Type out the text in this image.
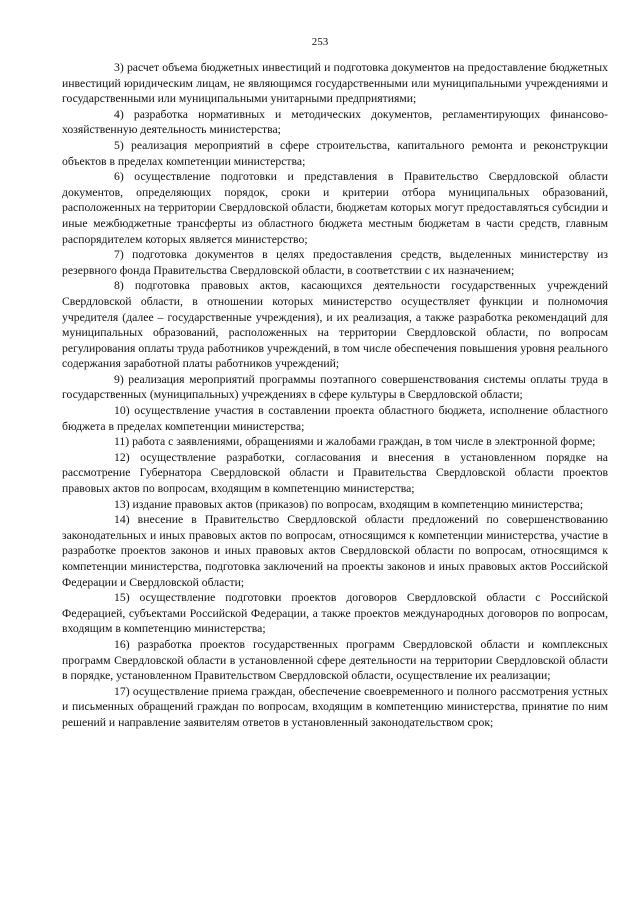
253

3) расчет объема бюджетных инвестиций и подготовка документов на предоставление бюджетных инвестиций юридическим лицам, не являющимся государственными или муниципальными учреждениями и государственными или муниципальными унитарными предприятиями;

4) разработка нормативных и методических документов, регламентирующих финансово-хозяйственную деятельность министерства;

5) реализация мероприятий в сфере строительства, капитального ремонта и реконструкции объектов в пределах компетенции министерства;

6) осуществление подготовки и представления в Правительство Свердловской области документов, определяющих порядок, сроки и критерии отбора муниципальных образований, расположенных на территории Свердловской области, бюджетам которых могут предоставляться субсидии и иные межбюджетные трансферты из областного бюджета местным бюджетам в части средств, главным распорядителем которых является министерство;

7) подготовка документов в целях предоставления средств, выделенных министерству из резервного фонда Правительства Свердловской области, в соответствии с их назначением;

8) подготовка правовых актов, касающихся деятельности государственных учреждений Свердловской области, в отношении которых министерство осуществляет функции и полномочия учредителя (далее – государственные учреждения), и их реализация, а также разработка рекомендаций для муниципальных образований, расположенных на территории Свердловской области, по вопросам регулирования оплаты труда работников учреждений, в том числе обеспечения повышения уровня реального содержания заработной платы работников учреждений;

9) реализация мероприятий программы поэтапного совершенствования системы оплаты труда в государственных (муниципальных) учреждениях в сфере культуры в Свердловской области;

10) осуществление участия в составлении проекта областного бюджета, исполнение областного бюджета в пределах компетенции министерства;

11) работа с заявлениями, обращениями и жалобами граждан, в том числе в электронной форме;

12) осуществление разработки, согласования и внесения в установленном порядке на рассмотрение Губернатора Свердловской области и Правительства Свердловской области проектов правовых актов по вопросам, входящим в компетенцию министерства;

13) издание правовых актов (приказов) по вопросам, входящим в компетенцию министерства;

14) внесение в Правительство Свердловской области предложений по совершенствованию законодательных и иных правовых актов по вопросам, относящимся к компетенции министерства, участие в разработке проектов законов и иных правовых актов Свердловской области по вопросам, относящимся к компетенции министерства, подготовка заключений на проекты законов и иных правовых актов Российской Федерации и Свердловской области;

15) осуществление подготовки проектов договоров Свердловской области с Российской Федерацией, субъектами Российской Федерации, а также проектов международных договоров по вопросам, входящим в компетенцию министерства;

16) разработка проектов государственных программ Свердловской области и комплексных программ Свердловской области в установленной сфере деятельности на территории Свердловской области в порядке, установленном Правительством Свердловской области, осуществление их реализации;

17) осуществление приема граждан, обеспечение своевременного и полного рассмотрения устных и письменных обращений граждан по вопросам, входящим в компетенцию министерства, принятие по ним решений и направление заявителям ответов в установленный законодательством срок;
